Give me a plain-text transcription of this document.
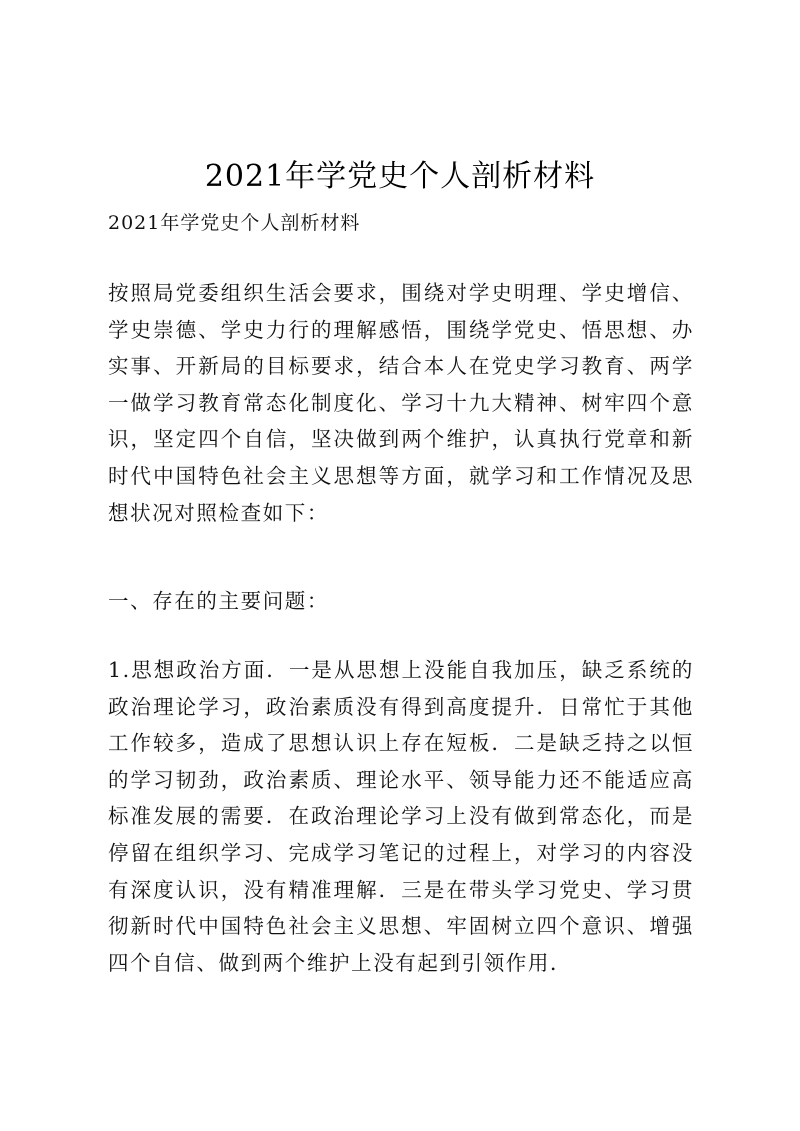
2021年学党史个人剖析材料

2021年学党史个人剖析材料

按照局党委组织生活会要求，围绕对学史明理、学史增信、学史崇德、学史力行的理解感悟，围绕学党史、悟思想、办实事、开新局的目标要求，结合本人在党史学习教育、两学一做学习教育常态化制度化、学习十九大精神、树牢四个意识，坚定四个自信，坚决做到两个维护，认真执行党章和新时代中国特色社会主义思想等方面，就学习和工作情况及思想状况对照检查如下：

一、存在的主要问题：

1.思想政治方面．一是从思想上没能自我加压，缺乏系统的政治理论学习，政治素质没有得到高度提升．日常忙于其他工作较多，造成了思想认识上存在短板．二是缺乏持之以恒的学习韧劲，政治素质、理论水平、领导能力还不能适应高标准发展的需要．在政治理论学习上没有做到常态化，而是停留在组织学习、完成学习笔记的过程上，对学习的内容没有深度认识，没有精准理解．三是在带头学习党史、学习贯彻新时代中国特色社会主义思想、牢固树立四个意识、增强四个自信、做到两个维护上没有起到引领作用．
